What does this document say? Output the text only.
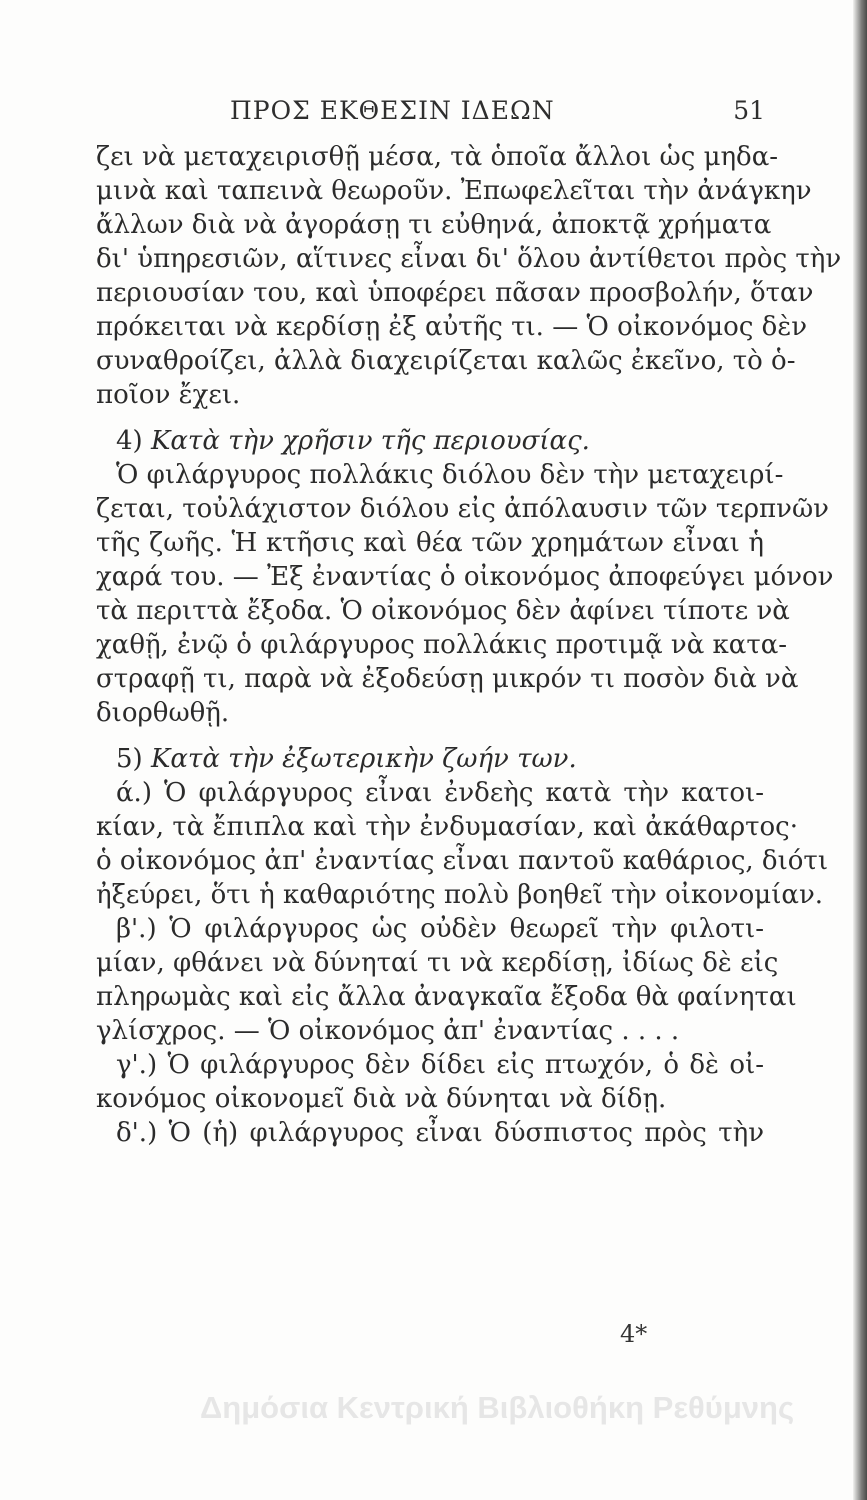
ΠΡΟΣ ΕΚΘΕΣΙΝ ΙΔΕΩΝ	51
ζει νὰ μεταχειρισθῇ μέσα, τὰ ὁποῖα ἄλλοι ὡς μηδα-
μινὰ καὶ ταπεινὰ θεωροῦν. Ἐπωφελεῖται τὴν ἀνάγκην
ἄλλων διὰ νὰ ἀγοράσῃ τι εὐθηνά, ἀποκτᾷ χρήματα
δι' ὑπηρεσιῶν, αἵτινες εἶναι δι' ὅλου ἀντίθετοι πρὸς τὴν
περιουσίαν του, καὶ ὑποφέρει πᾶσαν προσβολήν, ὅταν
πρόκειται νὰ κερδίσῃ ἐξ αὐτῆς τι. — Ὁ οἰκονόμος δὲν
συναθροίζει, ἀλλὰ διαχειρίζεται καλῶς ἐκεῖνο, τὸ ὁ-
ποῖον ἔχει.
4) Κατὰ τὴν χρῆσιν τῆς περιουσίας.
Ὁ φιλάργυρος πολλάκις διόλου δὲν τὴν μεταχειρί-
ζεται, τοὐλάχιστον διόλου εἰς ἀπόλαυσιν τῶν τερπνῶν
τῆς ζωῆς. Ἡ κτῆσις καὶ θέα τῶν χρημάτων εἶναι ἡ
χαρά του. — Ἐξ ἐναντίας ὁ οἰκονόμος ἀποφεύγει μόνον
τὰ περιττὰ ἔξοδα. Ὁ οἰκονόμος δὲν ἀφίνει τίποτε νὰ
χαθῇ, ἐνῷ ὁ φιλάργυρος πολλάκις προτιμᾷ νὰ κατα-
στραφῇ τι, παρὰ νὰ ἐξοδεύσῃ μικρόν τι ποσὸν διὰ νὰ
διορθωθῇ.
5) Κατὰ τὴν ἐξωτερικὴν ζωήν των.
ά.) Ὁ φιλάργυρος εἶναι ἐνδεὴς κατὰ τὴν κατοι-
κίαν, τὰ ἔπιπλα καὶ τὴν ἐνδυμασίαν, καὶ ἀκάθαρτος·
ὁ οἰκονόμος ἀπ' ἐναντίας εἶναι παντοῦ καθάριος, διότι
ἠξεύρει, ὅτι ἡ καθαριότης πολὺ βοηθεῖ τὴν οἰκονομίαν.
β'.) Ὁ φιλάργυρος ὡς οὐδὲν θεωρεῖ τὴν φιλοτι-
μίαν, φθάνει νὰ δύνηταί τι νὰ κερδίσῃ, ἰδίως δὲ εἰς
πληρωμὰς καὶ εἰς ἄλλα ἀναγκαῖα ἔξοδα θὰ φαίνηται
γλίσχρος. — Ὁ οἰκονόμος ἀπ' ἐναντίας . . . .
γ'.) Ὁ φιλάργυρος δὲν δίδει εἰς πτωχόν, ὁ δὲ οἰ-
κονόμος οἰκονομεῖ διὰ νὰ δύνηται νὰ δίδῃ.
δ'.) Ὁ (ἡ) φιλάργυρος εἶναι δύσπιστος πρὸς τὴν
4*
Δημόσια Κεντρική Βιβλιοθήκη Ρεθύμνης
